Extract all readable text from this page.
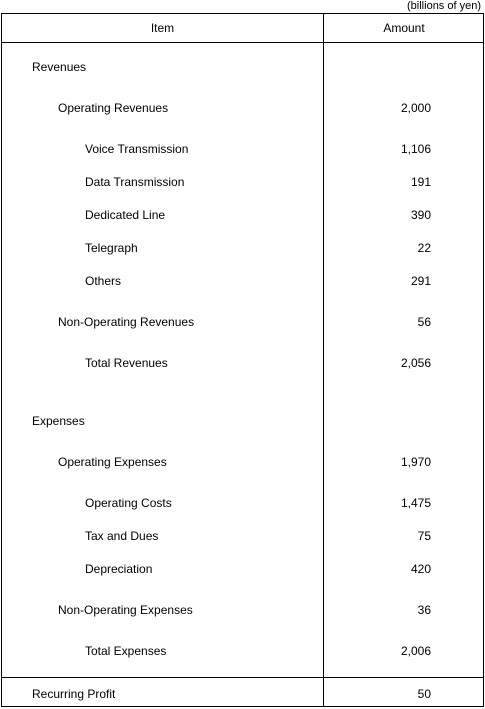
(billions of yen)
Item	Amount
Revenues
Operating Revenues	2,000
Voice Transmission	1,106
Data Transmission	191
Dedicated Line	390
Telegraph	22
Others	291
Non-Operating Revenues	56
Total Revenues	2,056
Expenses
Operating Expenses	1,970
Operating Costs	1,475
Tax and Dues	75
Depreciation	420
Non-Operating Expenses	36
Total Expenses	2,006
Recurring Profit	50
